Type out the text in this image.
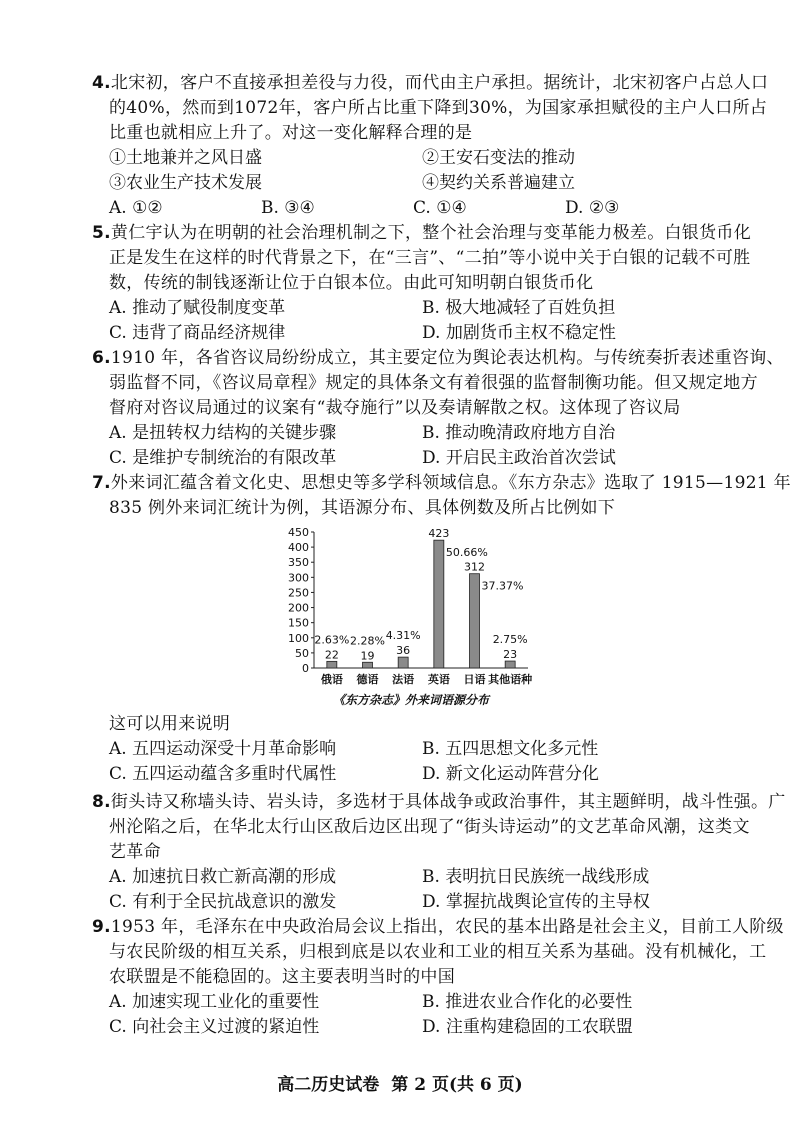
4.北宋初，客户不直接承担差役与力役，而代由主户承担。据统计，北宋初客户占总人口
的40%，然而到1072年，客户所占比重下降到30%，为国家承担赋役的主户人口所占
比重也就相应上升了。对这一变化解释合理的是
①土地兼并之风日盛	②王安石变法的推动
③农业生产技术发展	④契约关系普遍建立
A. ①②	B. ③④	C. ①④	D. ②③
5.黄仁宇认为在明朝的社会治理机制之下，整个社会治理与变革能力极差。白银货币化
正是发生在这样的时代背景之下，在“三言”、“二拍”等小说中关于白银的记载不可胜
数，传统的制钱逐渐让位于白银本位。由此可知明朝白银货币化
A. 推动了赋役制度变革	B. 极大地减轻了百姓负担
C. 违背了商品经济规律	D. 加剧货币主权不稳定性
6.1910 年，各省咨议局纷纷成立，其主要定位为舆论表达机构。与传统奏折表述重咨询、
弱监督不同，《咨议局章程》规定的具体条文有着很强的监督制衡功能。但又规定地方
督府对咨议局通过的议案有“裁夺施行”以及奏请解散之权。这体现了咨议局
A. 是扭转权力结构的关键步骤	B. 推动晚清政府地方自治
C. 是维护专制统治的有限改革	D. 开启民主政治首次尝试
7.外来词汇蕴含着文化史、思想史等多学科领域信息。《东方杂志》选取了 1915—1921 年
835 例外来词汇统计为例，其语源分布、具体例数及所占比例如下
0
50
100
150
200
250
300
350
400
450
22
2.63%
俄语
19
2.28%
德语
36
4.31%
法语
423
50.66%
英语
312
37.37%
日语
23
2.75%
其他语种
《东方杂志》外来词语源分布
这可以用来说明
A. 五四运动深受十月革命影响	B. 五四思想文化多元性
C. 五四运动蕴含多重时代属性	D. 新文化运动阵营分化
8.街头诗又称墙头诗、岩头诗，多选材于具体战争或政治事件，其主题鲜明，战斗性强。广
州沦陷之后，在华北太行山区敌后边区出现了“街头诗运动”的文艺革命风潮，这类文
艺革命
A. 加速抗日救亡新高潮的形成	B. 表明抗日民族统一战线形成
C. 有利于全民抗战意识的激发	D. 掌握抗战舆论宣传的主导权
9.1953 年，毛泽东在中央政治局会议上指出，农民的基本出路是社会主义，目前工人阶级
与农民阶级的相互关系，归根到底是以农业和工业的相互关系为基础。没有机械化，工
农联盟是不能稳固的。这主要表明当时的中国
A. 加速实现工业化的重要性	B. 推进农业合作化的必要性
C. 向社会主义过渡的紧迫性	D. 注重构建稳固的工农联盟
高二历史试卷 第 2 页(共 6 页)
